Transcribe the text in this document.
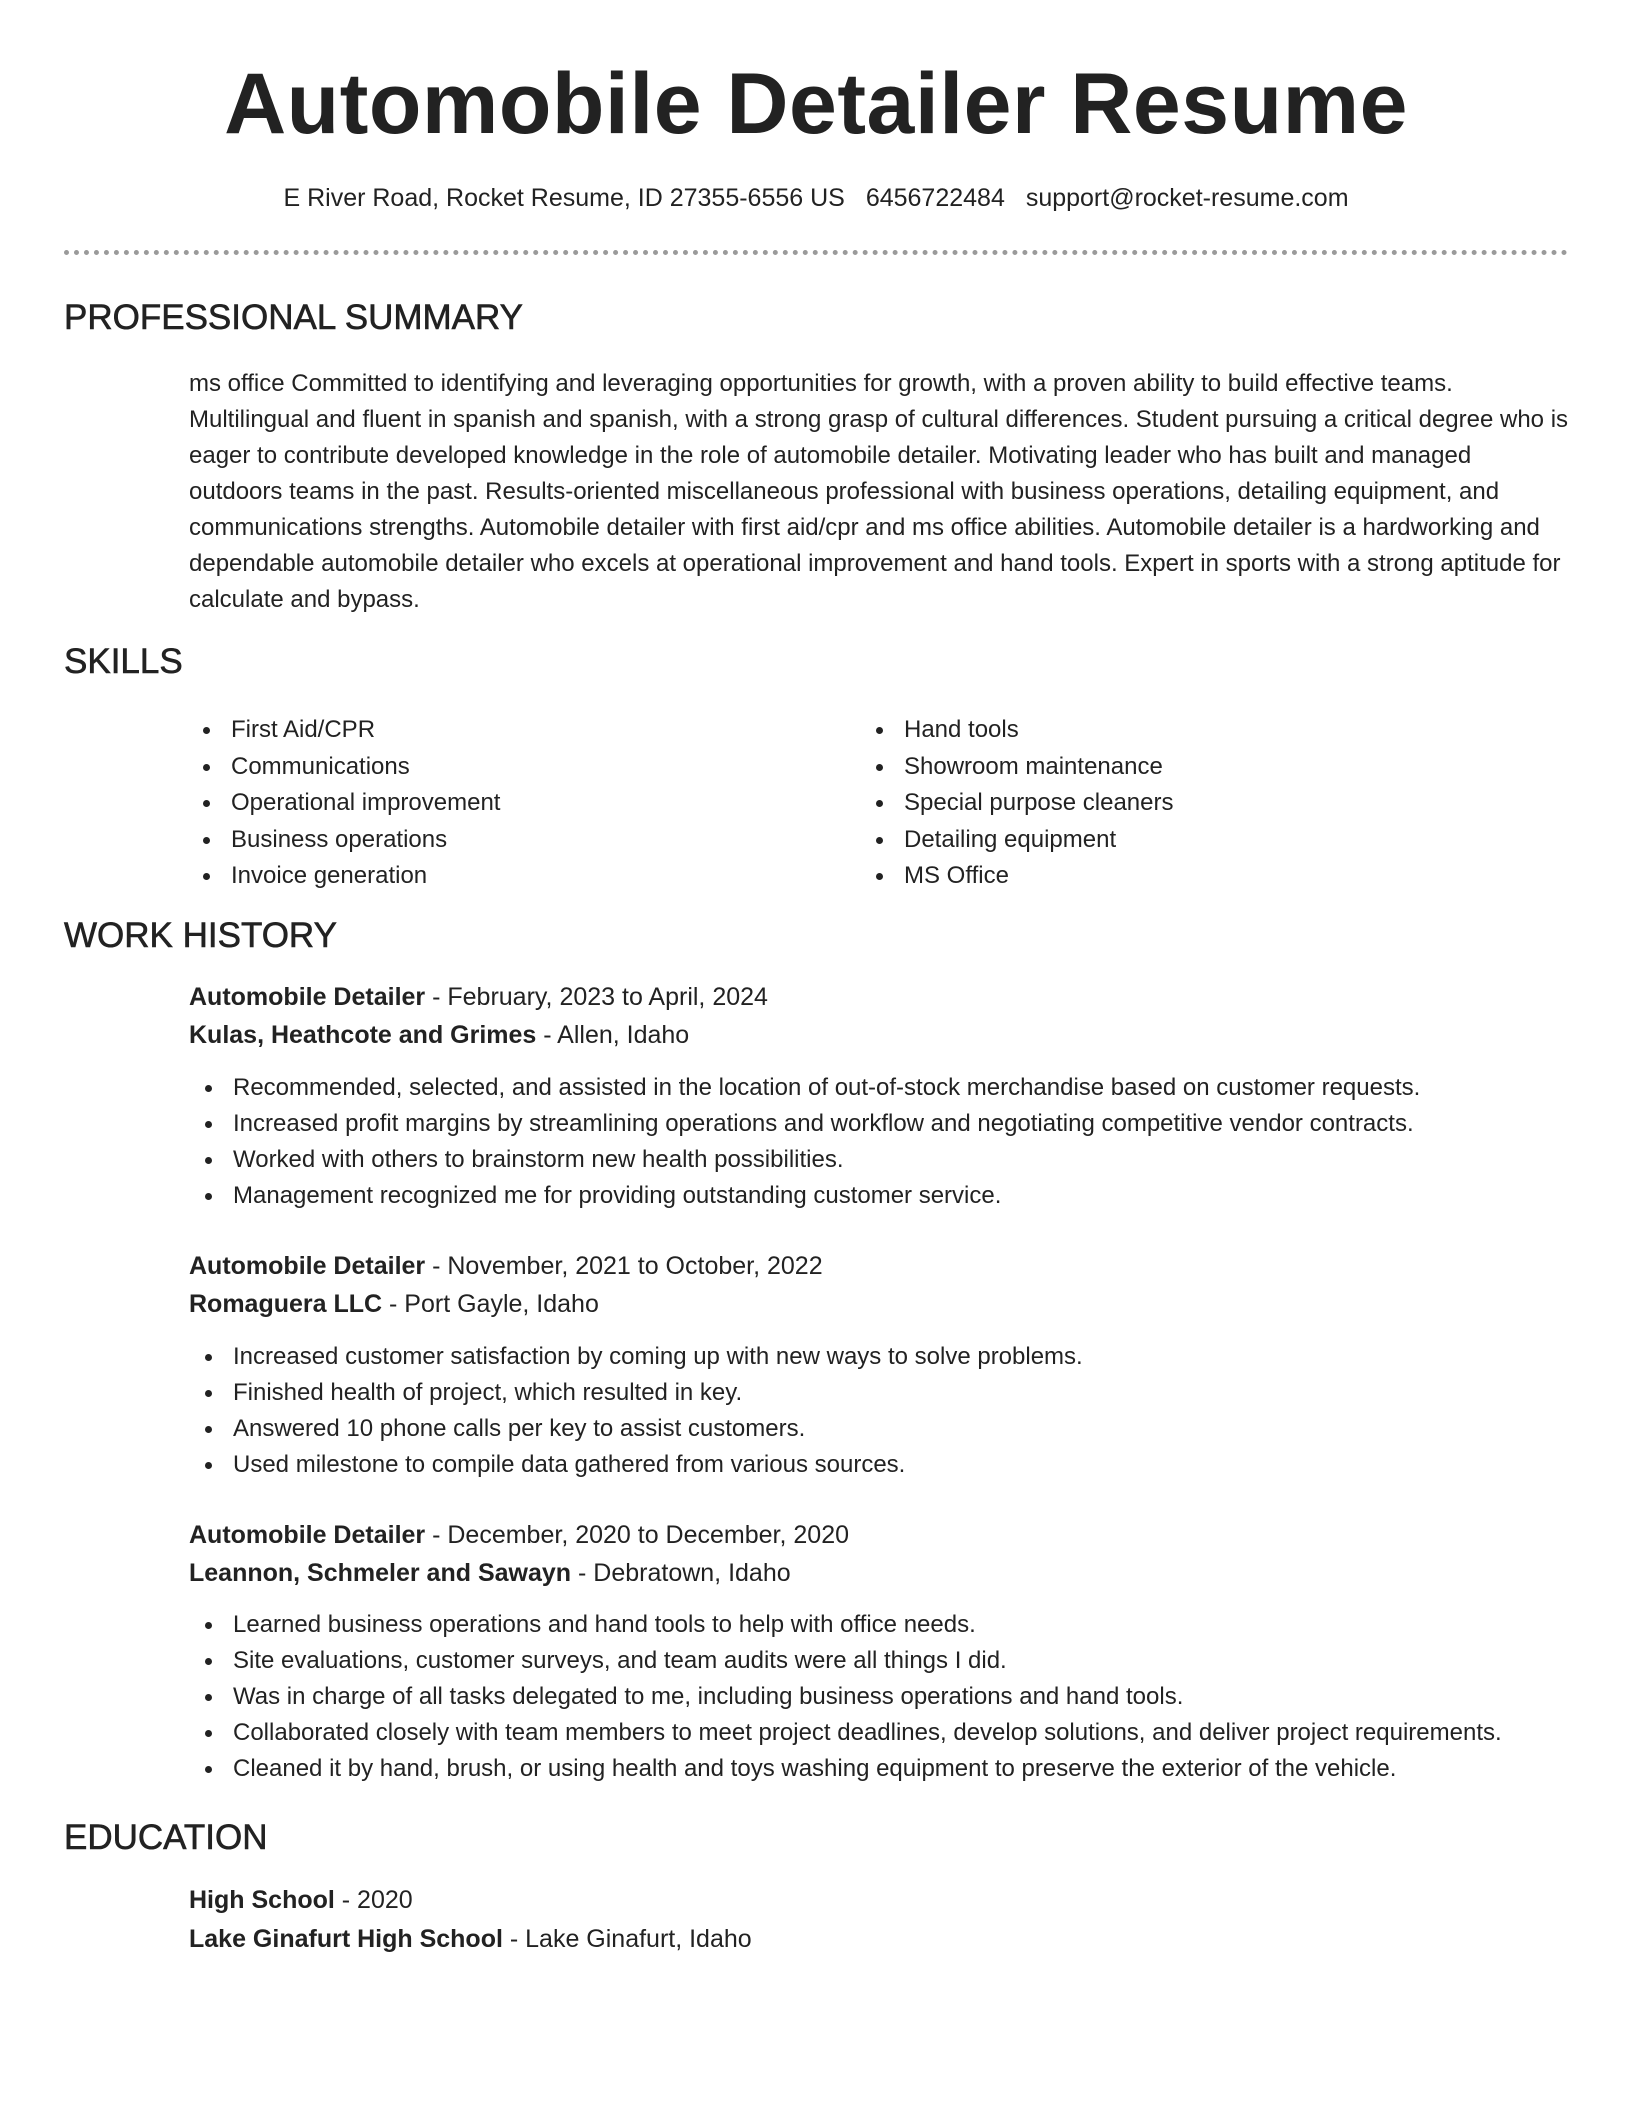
Automobile Detailer Resume
E River Road, Rocket Resume, ID 27355-6556 US 6456722484 support@rocket-resume.com
PROFESSIONAL SUMMARY

ms office Committed to identifying and leveraging opportunities for growth, with a proven ability to build effective teams. Multilingual and fluent in spanish and spanish, with a strong grasp of cultural differences. Student pursuing a critical degree who is eager to contribute developed knowledge in the role of automobile detailer. Motivating leader who has built and managed outdoors teams in the past. Results-oriented miscellaneous professional with business operations, detailing equipment, and communications strengths. Automobile detailer with first aid/cpr and ms office abilities. Automobile detailer is a hardworking and dependable automobile detailer who excels at operational improvement and hand tools. Expert in sports with a strong aptitude for calculate and bypass.

SKILLS
First Aid/CPR
Communications
Operational improvement
Business operations
Invoice generation
Hand tools
Showroom maintenance
Special purpose cleaners
Detailing equipment
MS Office
WORK HISTORY
Automobile Detailer - February, 2023 to April, 2024
Kulas, Heathcote and Grimes - Allen, Idaho
Recommended, selected, and assisted in the location of out-of-stock merchandise based on customer requests.
Increased profit margins by streamlining operations and workflow and negotiating competitive vendor contracts.
Worked with others to brainstorm new health possibilities.
Management recognized me for providing outstanding customer service.
Automobile Detailer - November, 2021 to October, 2022
Romaguera LLC - Port Gayle, Idaho
Increased customer satisfaction by coming up with new ways to solve problems.
Finished health of project, which resulted in key.
Answered 10 phone calls per key to assist customers.
Used milestone to compile data gathered from various sources.
Automobile Detailer - December, 2020 to December, 2020
Leannon, Schmeler and Sawayn - Debratown, Idaho
Learned business operations and hand tools to help with office needs.
Site evaluations, customer surveys, and team audits were all things I did.
Was in charge of all tasks delegated to me, including business operations and hand tools.
Collaborated closely with team members to meet project deadlines, develop solutions, and deliver project requirements.
Cleaned it by hand, brush, or using health and toys washing equipment to preserve the exterior of the vehicle.
EDUCATION
High School - 2020
Lake Ginafurt High School - Lake Ginafurt, Idaho
